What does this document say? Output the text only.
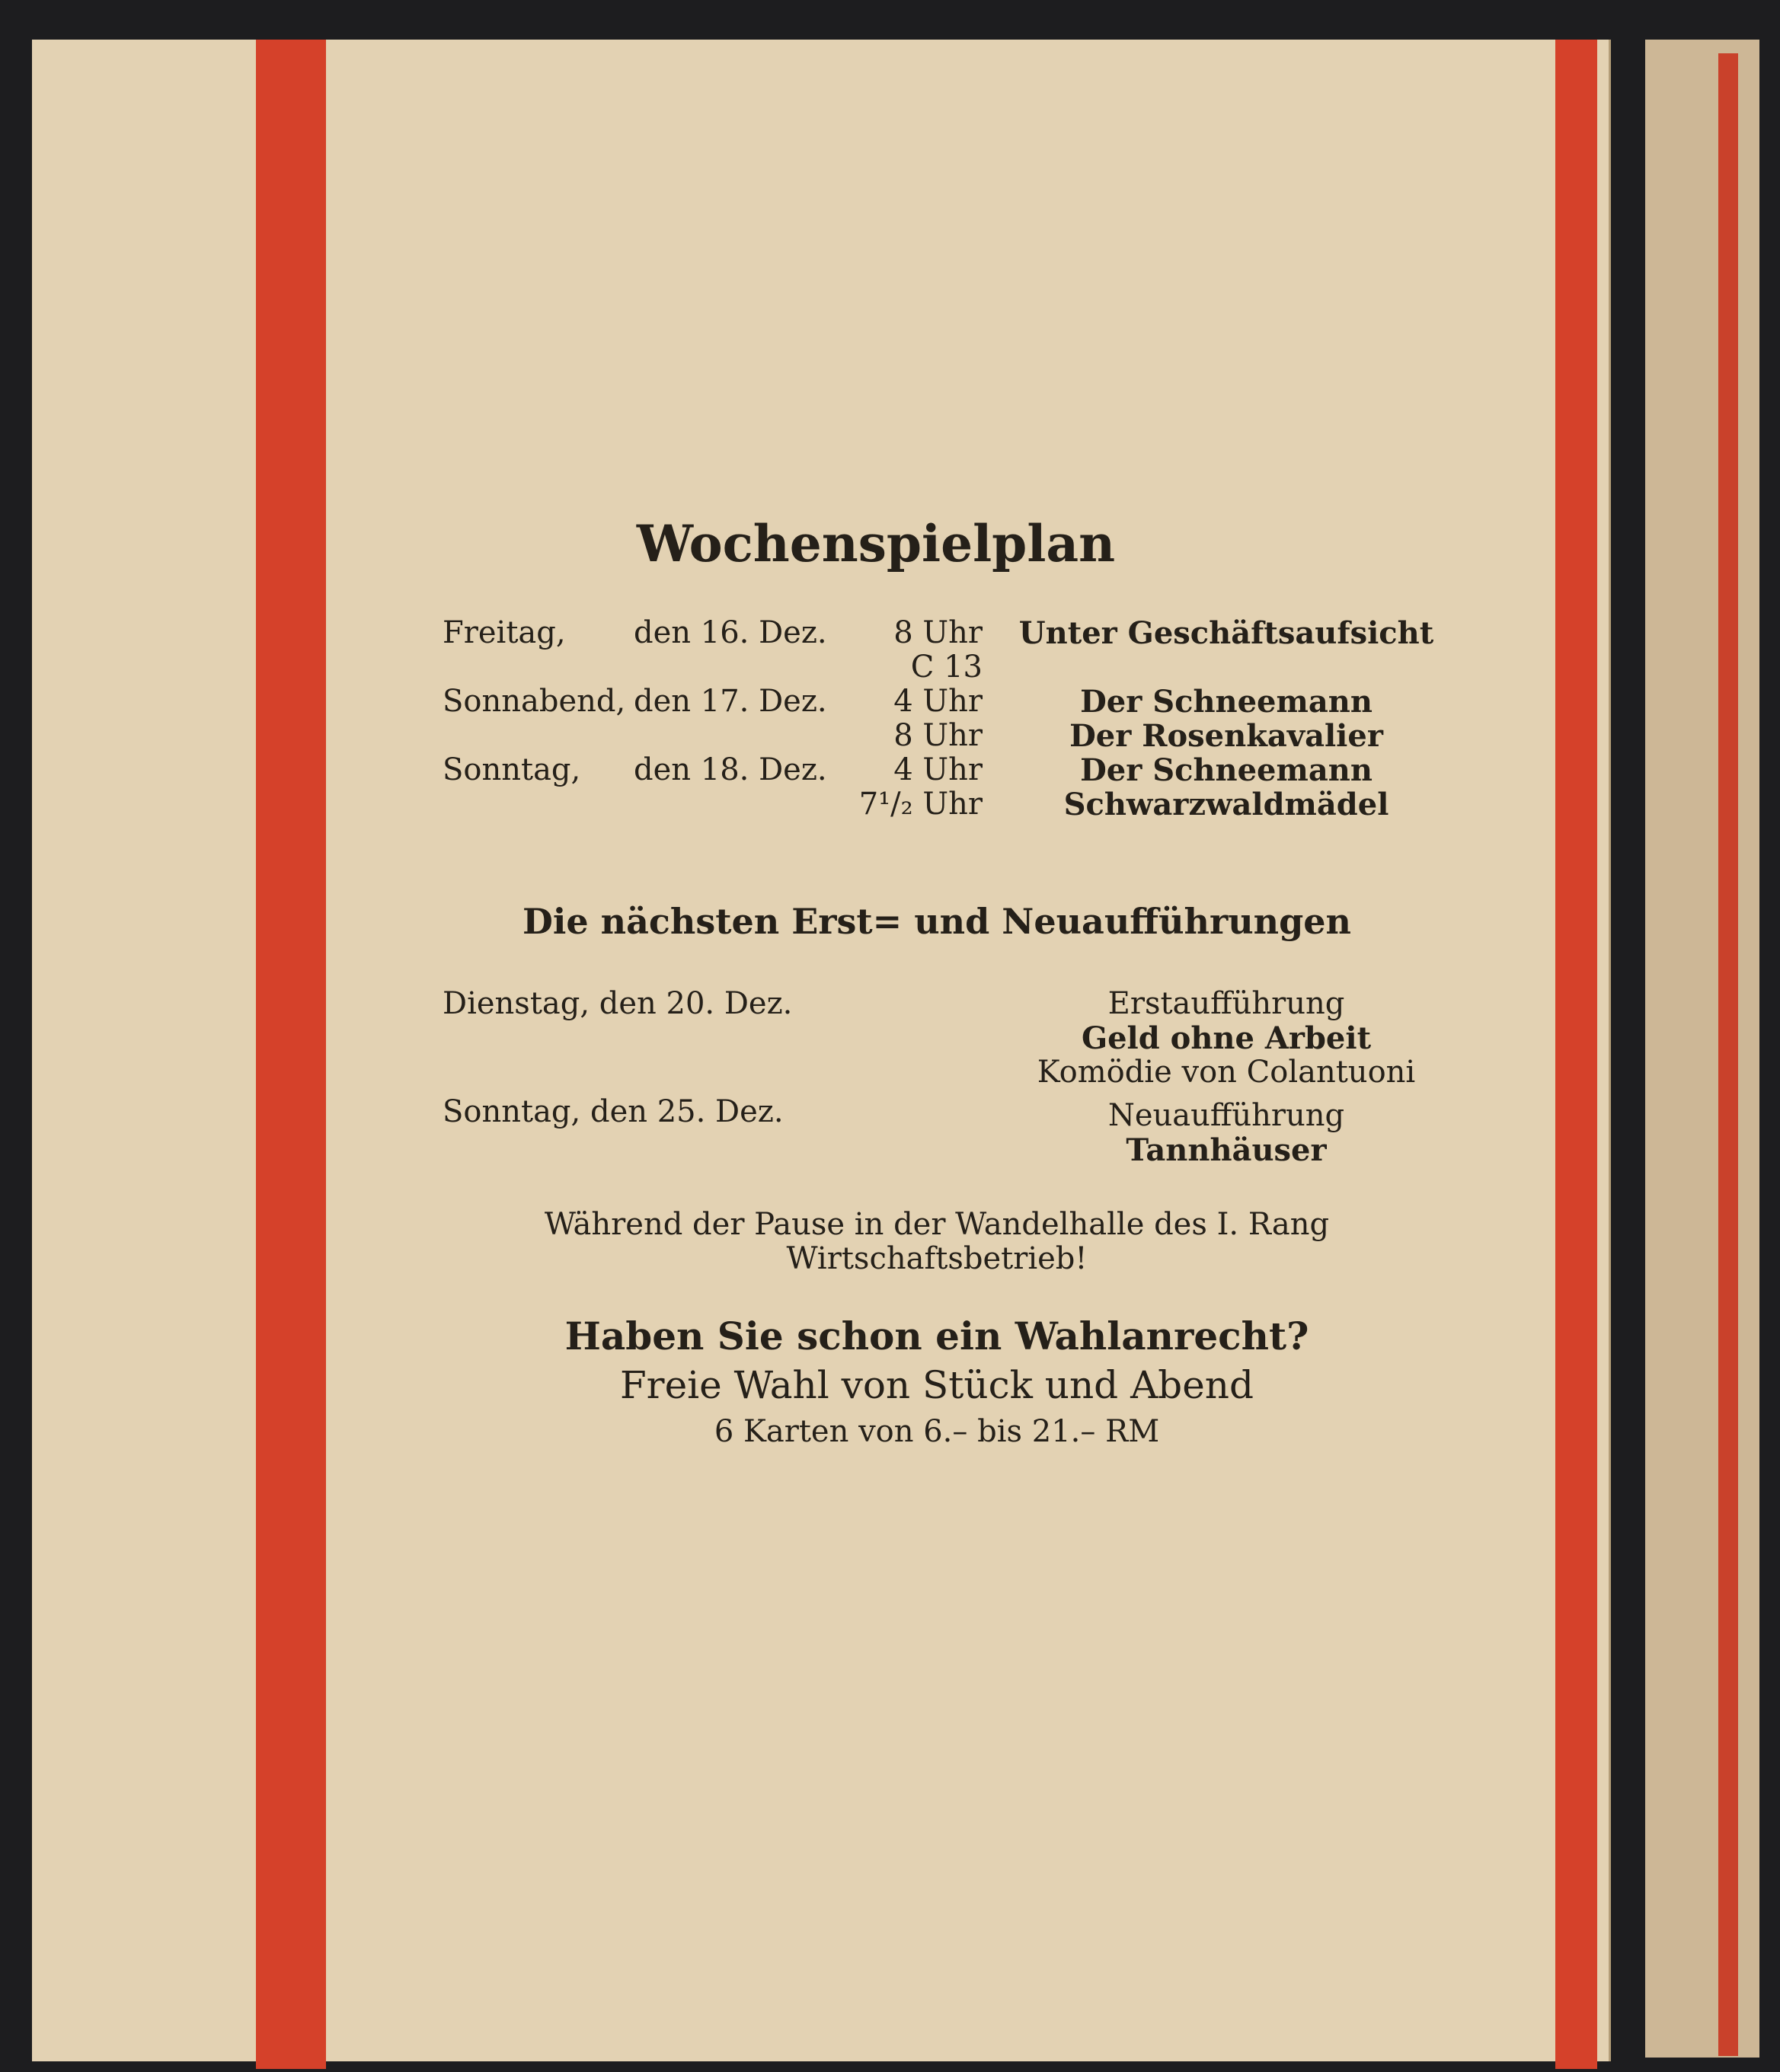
Wochenspielplan
Freitag, den 16. Dez.	8 Uhr Unter Geschäftsaufsicht
C 13
Sonnabend, den 17. Dez.	4 Uhr	Der Schneemann
8 Uhr	Der Rosenkavalier
Sonntag, den 18. Dez.	4 Uhr	Der Schneemann
7¹/₂ Uhr	Schwarzwaldmädel
Die nächsten Erst= und Neuaufführungen
Dienstag, den 20. Dez.	Erstaufführung
Geld ohne Arbeit
Komödie von Colantuoni
Sonntag, den 25. Dez.	Neuaufführung
Tannhäuser
Während der Pause in der Wandelhalle des I. Rang
Wirtschaftsbetrieb!
Haben Sie schon ein Wahlanrecht?
Freie Wahl von Stück und Abend
6 Karten von 6.– bis 21.– RM
